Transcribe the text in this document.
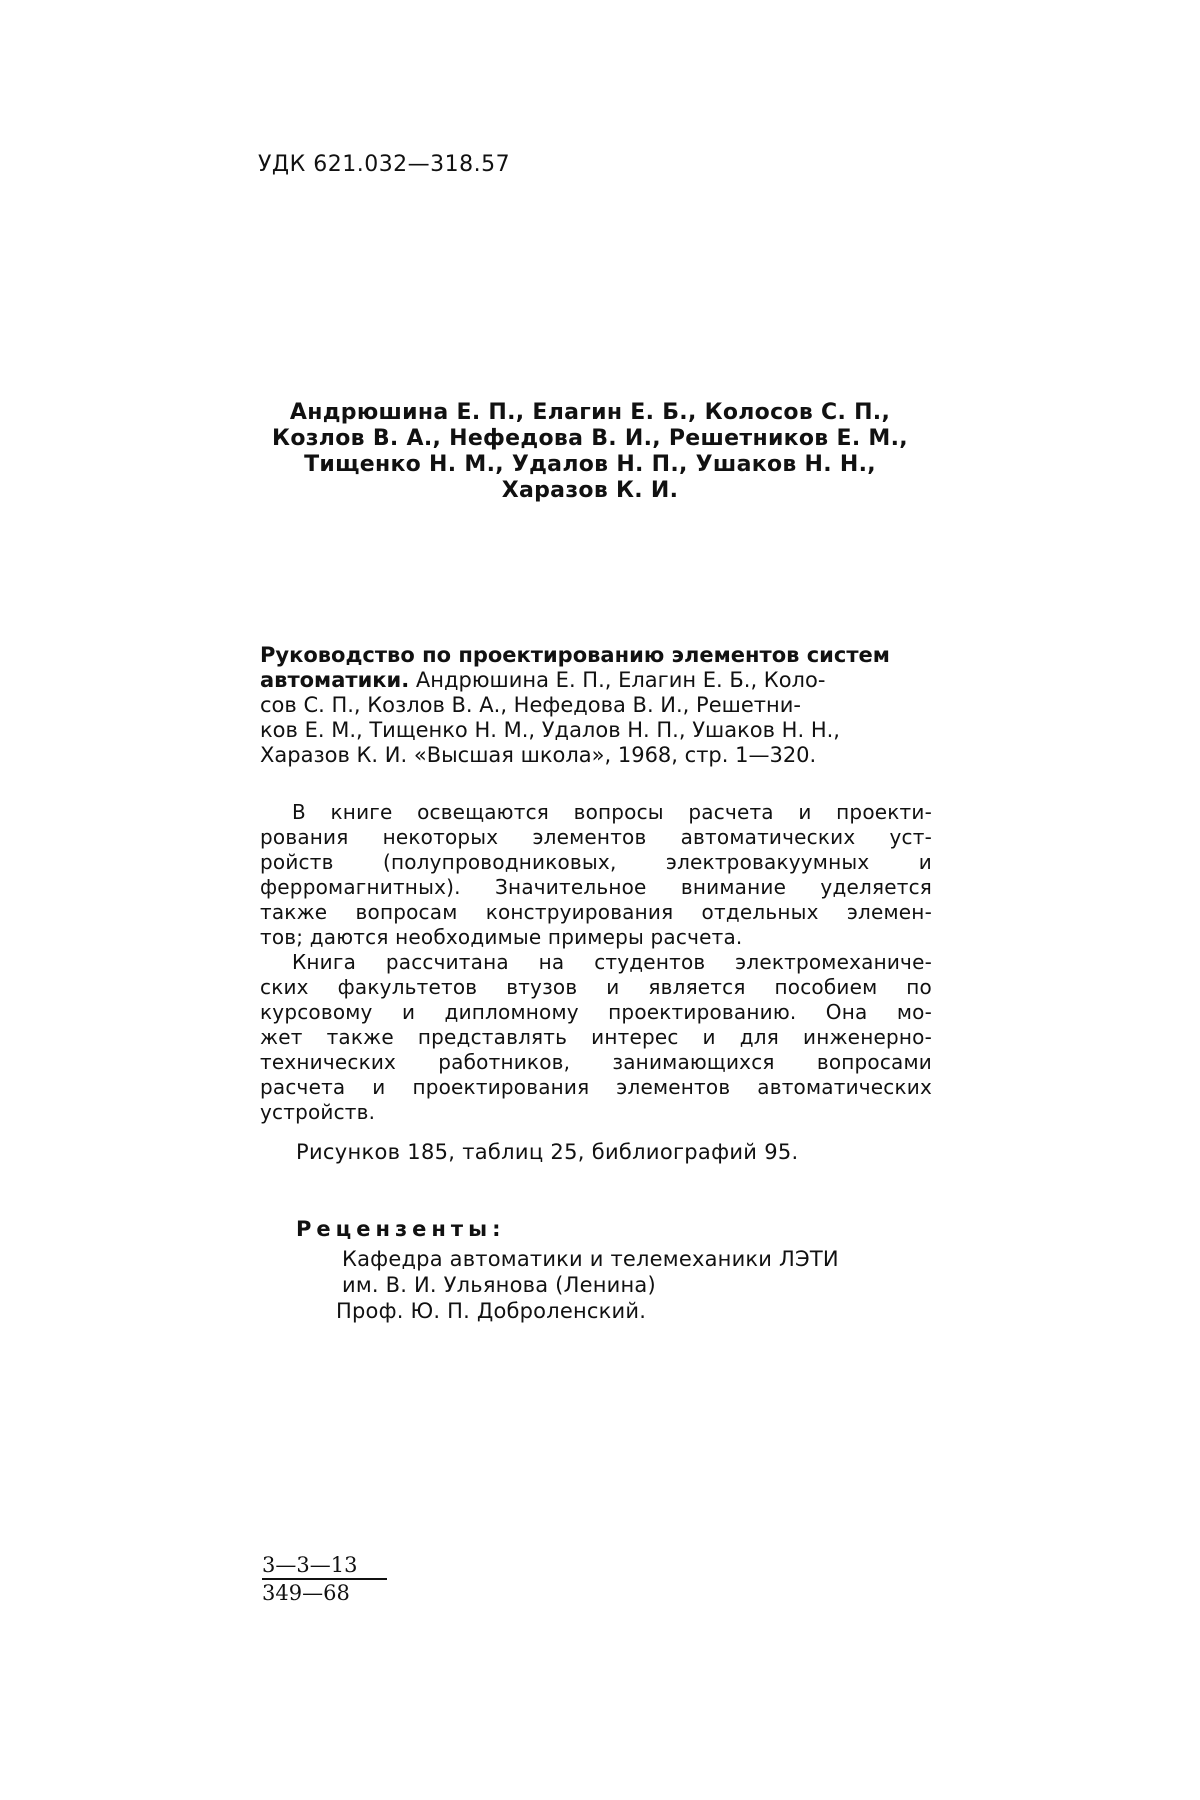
УДК 621.032—318.57
Андрюшина Е. П., Елагин Е. Б., Колосов С. П.,
Козлов В. А., Нефедова В. И., Решетников Е. М.,
Тищенко Н. М., Удалов Н. П., Ушаков Н. Н.,
Харазов К. И.
Руководство по проектированию элементов систем
автоматики. Андрюшина Е. П., Елагин Е. Б., Коло-
сов С. П., Козлов В. А., Нефедова В. И., Решетни-
ков Е. М., Тищенко Н. М., Удалов Н. П., Ушаков Н. Н.,
Харазов К. И. «Высшая школа», 1968, стр. 1—320.
В книге освещаются вопросы расчета и проекти-
рования некоторых элементов автоматических уст-
ройств (полупроводниковых, электровакуумных и
ферромагнитных). Значительное внимание уделяется
также вопросам конструирования отдельных элемен-
тов; даются необходимые примеры расчета.
Книга рассчитана на студентов электромеханиче-
ских факультетов втузов и является пособием по
курсовому и дипломному проектированию. Она мо-
жет также представлять интерес и для инженерно-
технических работников, занимающихся вопросами
расчета и проектирования элементов автоматических
устройств.
Рисунков 185, таблиц 25, библиографий 95.
Рецензенты:
Кафедра автоматики и телемеханики ЛЭТИ
им. В. И. Ульянова (Ленина)
Проф. Ю. П. Доброленский.
3—3—13
349—68
